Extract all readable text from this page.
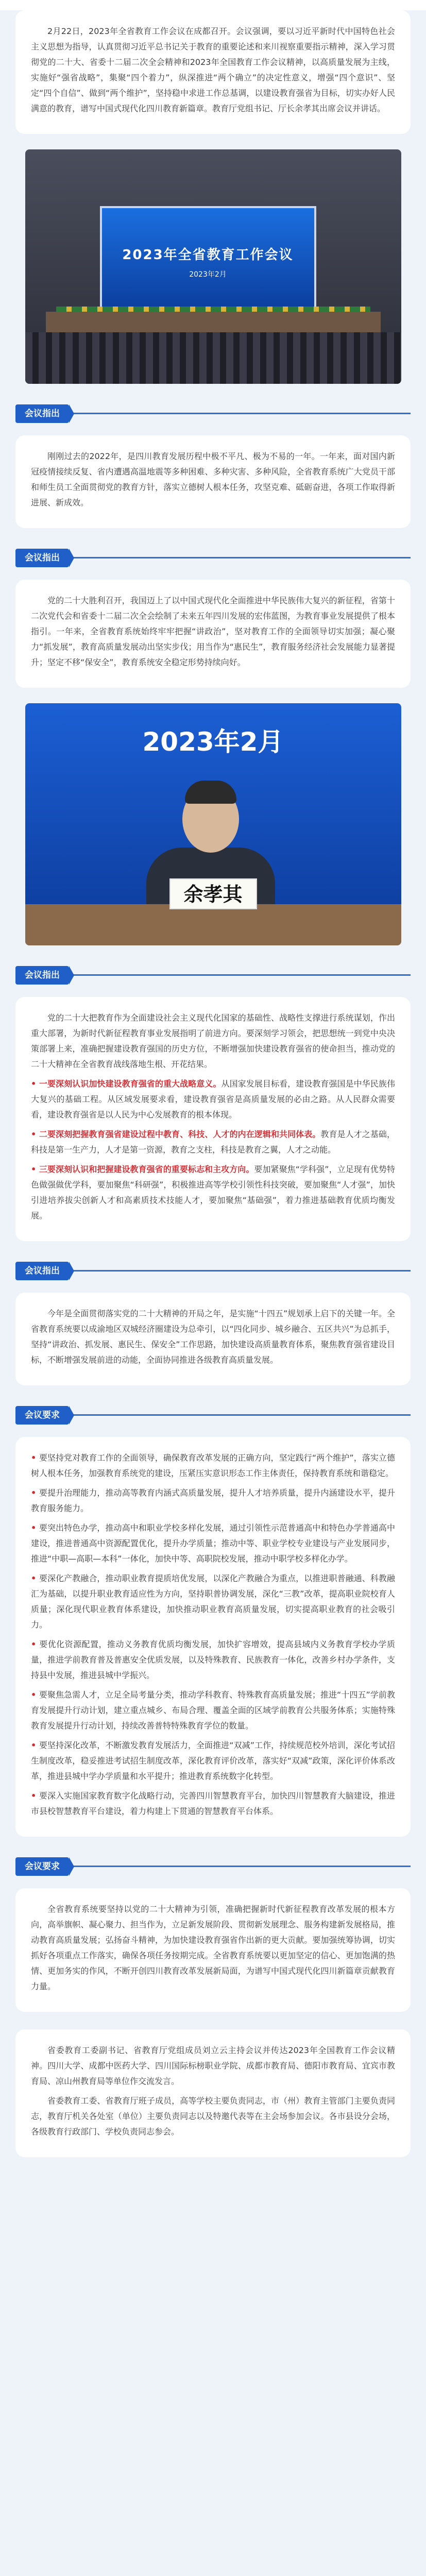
2月22日，2023年全省教育工作会议在成都召开。会议强调，要以习近平新时代中国特色社会主义思想为指导，认真贯彻习近平总书记关于教育的重要论述和来川视察重要指示精神，深入学习贯彻党的二十大、省委十二届二次全会精神和2023年全国教育工作会议精神，以高质量发展为主线，实施好“强省战略”，集聚“四个着力”，纵深推进“两个确立”的决定性意义，增强“四个意识”、坚定“四个自信”、做到“两个维护”，坚持稳中求进工作总基调，以建设教育强省为目标，切实办好人民满意的教育，谱写中国式现代化四川教育新篇章。教育厅党组书记、厅长余孝其出席会议并讲话。

2023年全省教育工作会议
2023年2月
会议指出

刚刚过去的2022年，是四川教育发展历程中极不平凡、极为不易的一年。一年来，面对国内新冠疫情接续反复、省内遭遇高温地震等多种困难、多种灾害、多种风险，全省教育系统广大党员干部和师生员工全面贯彻党的教育方针，落实立德树人根本任务，攻坚克难、砥砺奋进，各项工作取得新进展、新成效。

会议指出

党的二十大胜利召开，我国迈上了以中国式现代化全面推进中华民族伟大复兴的新征程，省第十二次党代会和省委十二届二次全会绘制了未来五年四川发展的宏伟蓝图，为教育事业发展提供了根本指引。一年来，全省教育系统始终牢牢把握“讲政治”，坚对教育工作的全面领导切实加强；凝心聚力“抓发展”，教育高质量发展动出坚实步伐；用当作为“惠民生”，教育服务经济社会发展能力显著提升；坚定不移“保安全”，教育系统安全稳定形势持续向好。

2023年2月
余孝其
会议指出

党的二十大把教育作为全面建设社会主义现代化国家的基础性、战略性支撑进行系统谋划，作出重大部署，为新时代新征程教育事业发展指明了前进方向。要深刻学习领会，把思想统一到党中央决策部署上来，准确把握建设教育强国的历史方位，不断增强加快建设教育强省的使命担当，推动党的二十大精神在全省教育战线落地生根、开花结果。

• 一要深刻认识加快建设教育强省的重大战略意义。从国家发展目标看，建设教育强国是中华民族伟大复兴的基础工程。从区域发展要求看，建设教育强省是高质量发展的必由之路。从人民群众需要看，建设教育强省是以人民为中心发展教育的根本体现。

• 二要深刻把握教育强省建设过程中教育、科技、人才的内在逻辑和共同体表。教育是人才之基础，科技是第一生产力，人才是第一资源，教育之支柱，科技是教育之翼，人才之动能。

• 三要深刻认识和把握建设教育强省的重要标志和主攻方向。要加紧聚焦“学科强”，立足现有优势特色做强做优学科，要加聚焦“科研强”，积极推进高等学校引领性科技突破，要加聚焦“人才强”，加快引进培养拔尖创新人才和高素质技术技能人才，要加聚焦“基础强”，着力推进基础教育优质均衡发展。

会议指出

今年是全面贯彻落实党的二十大精神的开局之年，是实施“十四五”规划承上启下的关键一年。全省教育系统要以成渝地区双城经济圈建设为总牵引，以“四化同步、城乡融合、五区共兴”为总抓手，坚持“讲政治、抓发展、惠民生、保安全”工作思路，加快建设高质量教育体系，聚焦教育强省建设目标，不断增强发展前进的动能，全面协同推进各级教育高质量发展。

会议要求

• 要坚持党对教育工作的全面领导，确保教育改革发展的正确方向，坚定践行“两个维护”，落实立德树人根本任务，加强教育系统党的建设，压紧压实意识形态工作主体责任，保持教育系统和谐稳定。

• 要提升治理能力，推动高等教育内涵式高质量发展，提升人才培养质量，提升内涵建设水平，提升教育服务能力。

• 要突出特色办学，推动高中和职业学校多样化发展，通过引领性示范普通高中和特色办学普通高中建设，推进普通高中资源配置优化，提升办学质量；推动中等、职业学校专业建设与产业发展同步，推进“中职—高职—本科”一体化，加快中等、高职院校发展，推动中职学校多样化办学。

• 要深化产教融合，推动职业教育提质培优发展，以深化产教融合为重点，以推进职普融通、科教融汇为基础，以提升职业教育适应性为方向，坚持职普协调发展，深化“三教”改革，提高职业院校育人质量；深化现代职业教育体系建设，加快推动职业教育高质量发展，切实提高职业教育的社会吸引力。

• 要优化资源配置，推动义务教育优质均衡发展，加快扩容增效，提高县域内义务教育学校办学质量，推进学前教育普及普惠安全优质发展，以及特殊教育、民族教育一体化，改善乡村办学条件，支持县中发展，推进县城中学振兴。

• 要聚焦急需人才，立足全局考量分类，推动学科教育、特殊教育高质量发展；推进“十四五”学前教育发展提升行动计划，建立重点城乡、布局合理、覆盖全面的区域学前教育公共服务体系；实施特殊教育发展提升行动计划，持续改善普特特殊教育学位的数量。

• 要坚持深化改革，不断激发教育发展活力，全面推进“双减”工作，持续规范校外培训，深化考试招生制度改革，稳妥推进考试招生制度改革，深化教育评价改革，落实好“双减”政策，深化评价体系改革，推进县城中学办学质量和水平提升；推进教育系统数字化转型。

• 要深入实施国家教育数字化战略行动，完善四川智慧教育平台，加快四川智慧教育大脑建设，推进市县校智慧教育平台建设，着力构建上下贯通的智慧教育平台体系。

会议要求

全省教育系统要坚持以党的二十大精神为引领，准确把握新时代新征程教育改革发展的根本方向，高举旗帜、凝心聚力、担当作为，立足新发展阶段、贯彻新发展理念、服务构建新发展格局，推动教育高质量发展；弘扬奋斗精神，为加快建设教育强省作出新的更大贡献。要加强统筹协调，切实抓好各项重点工作落实，确保各项任务按期完成。全省教育系统要以更加坚定的信心、更加饱满的热情、更加务实的作风，不断开创四川教育改革发展新局面，为谱写中国式现代化四川新篇章贡献教育力量。

省委教育工委副书记、省教育厅党组成员刘立云主持会议并传达2023年全国教育工作会议精神。四川大学、成都中医药大学、四川国际标榜职业学院、成都市教育局、德阳市教育局、宜宾市教育局、凉山州教育局等单位作交流发言。

省委教育工委、省教育厅班子成员，高等学校主要负责同志，市（州）教育主管部门主要负责同志，教育厅机关各处室（单位）主要负责同志以及特邀代表等在主会场参加会议。各市县设分会场，各级教育行政部门、学校负责同志参会。
